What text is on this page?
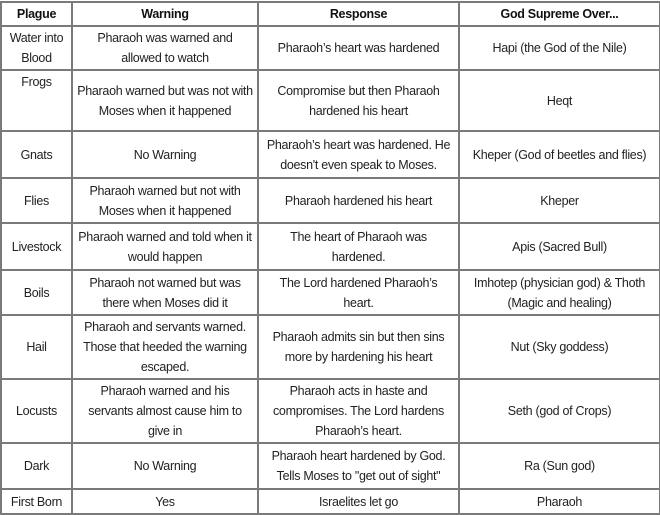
Plague	Warning	Response	God Supreme Over...
Water into Blood	Pharaoh was warned and allowed to watch	Pharaoh’s heart was hardened	Hapi (the God of the Nile)
Frogs	Pharaoh warned but was not with Moses when it happened	Compromise but then Pharaoh hardened his heart	Heqt
Gnats	No Warning	Pharaoh’s heart was hardened. He doesn't even speak to Moses.	Kheper (God of beetles and flies)
Flies	Pharaoh warned but not with Moses when it happened	Pharaoh hardened his heart	Kheper
Livestock	Pharaoh warned and told when it would happen	The heart of Pharaoh was hardened.	Apis (Sacred Bull)
Boils	Pharaoh not warned but was there when Moses did it	The Lord hardened Pharaoh’s heart.	Imhotep (physician god) & Thoth (Magic and healing)
Hail	Pharaoh and servants warned. Those that heeded the warning escaped.	Pharaoh admits sin but then sins more by hardening his heart	Nut (Sky goddess)
Locusts	Pharaoh warned and his servants almost cause him to give in	Pharaoh acts in haste and compromises. The Lord hardens Pharaoh’s heart.	Seth (god of Crops)
Dark	No Warning	Pharaoh heart hardened by God. Tells Moses to "get out of sight"	Ra (Sun god)
First Born	Yes	Israelites let go	Pharaoh
